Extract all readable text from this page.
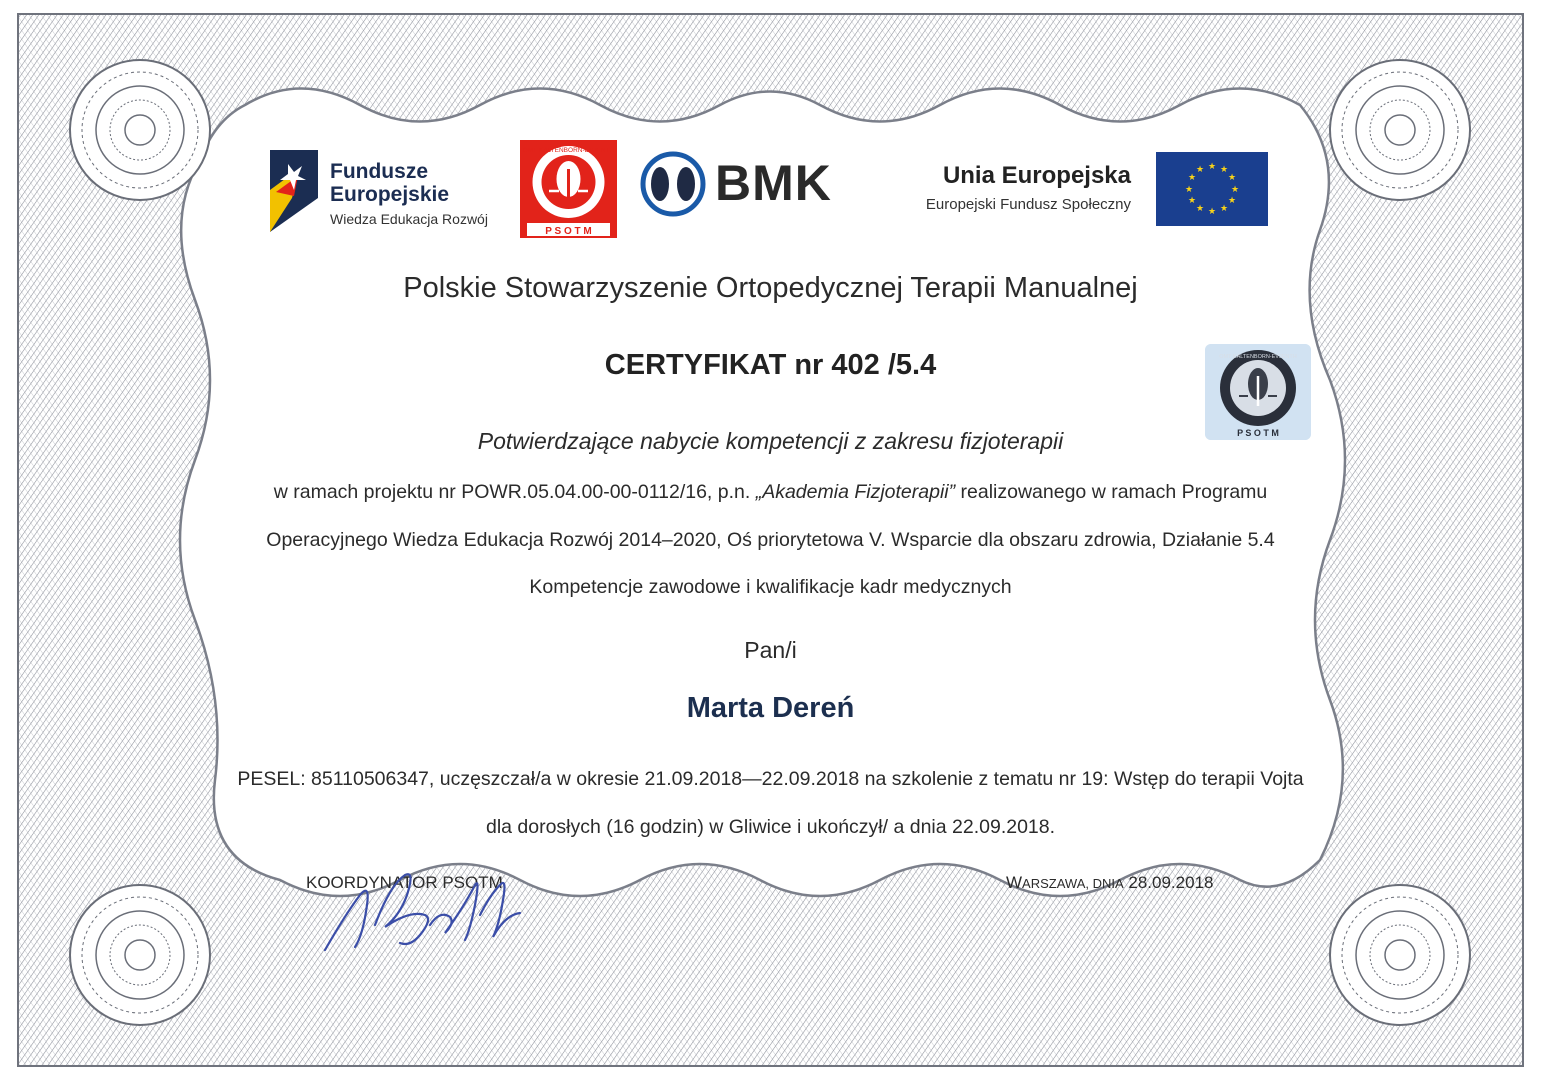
Fundusze
Europejskie
Wiedza Edukacja Rozwój
P S O T M
OMT KALTENBORN-EVJENTH
BMK	Unia Europejska
Europejski Fundusz Społeczny
★ ★
★
★
★
★
★
★
★
★
★
★
P S O T M
OMT KALTENBORN-EVJENTH
Polskie Stowarzyszenie Ortopedycznej Terapii Manualnej
CERTYFIKAT nr 402 /5.4
Potwierdzające nabycie kompetencji z zakresu fizjoterapii
w ramach projektu nr POWR.05.04.00-00-0112/16, p.n. „Akademia Fizjoterapii” realizowanego w ramach Programu
Operacyjnego Wiedza Edukacja Rozwój 2014–2020, Oś priorytetowa V. Wsparcie dla obszaru zdrowia, Działanie 5.4
Kompetencje zawodowe i kwalifikacje kadr medycznych
Pan/i
Marta Dereń
PESEL: 85110506347, uczęszczał/a w okresie 21.09.2018—22.09.2018 na szkolenie z tematu nr 19: Wstęp do terapii Vojta
dla dorosłych (16 godzin) w Gliwice i ukończył/ a dnia 22.09.2018.
KOORDYNATOR PSOTM	WARSZAWA, DNIA 28.09.2018
